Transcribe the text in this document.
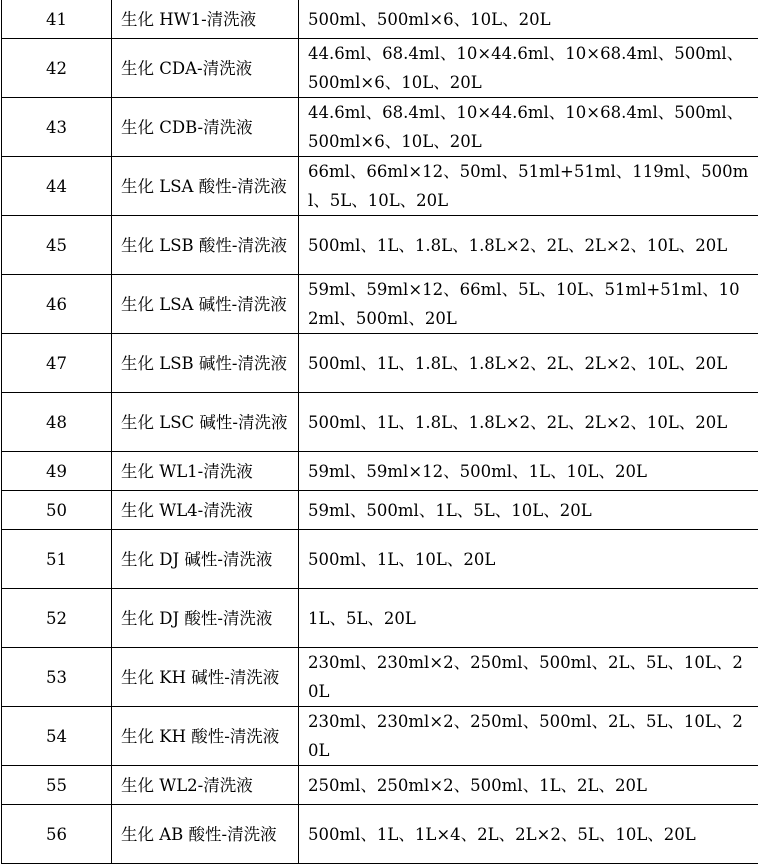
41	生化 HW1-清洗液	500ml、500ml×6、10L、20L
42	生化 CDA-清洗液	44.6ml、68.4ml、10×44.6ml、10×68.4ml、500ml、500ml×6、10L、20L
43	生化 CDB-清洗液	44.6ml、68.4ml、10×44.6ml、10×68.4ml、500ml、500ml×6、10L、20L
44	生化 LSA 酸性-清洗液	66ml、66ml×12、50ml、51ml+51ml、119ml、500ml、5L、10L、20L
45	生化 LSB 酸性-清洗液	500ml、1L、1.8L、1.8L×2、2L、2L×2、10L、20L
46	生化 LSA 碱性-清洗液	59ml、59ml×12、66ml、5L、10L、51ml+51ml、102ml、500ml、20L
47	生化 LSB 碱性-清洗液	500ml、1L、1.8L、1.8L×2、2L、2L×2、10L、20L
48	生化 LSC 碱性-清洗液	500ml、1L、1.8L、1.8L×2、2L、2L×2、10L、20L
49	生化 WL1-清洗液	59ml、59ml×12、500ml、1L、10L、20L
50	生化 WL4-清洗液	59ml、500ml、1L、5L、10L、20L
51	生化 DJ 碱性-清洗液	500ml、1L、10L、20L
52	生化 DJ 酸性-清洗液	1L、5L、20L
53	生化 KH 碱性-清洗液	230ml、230ml×2、250ml、500ml、2L、5L、10L、20L
54	生化 KH 酸性-清洗液	230ml、230ml×2、250ml、500ml、2L、5L、10L、20L
55	生化 WL2-清洗液	250ml、250ml×2、500ml、1L、2L、20L
56	生化 AB 酸性-清洗液	500ml、1L、1L×4、2L、2L×2、5L、10L、20L
